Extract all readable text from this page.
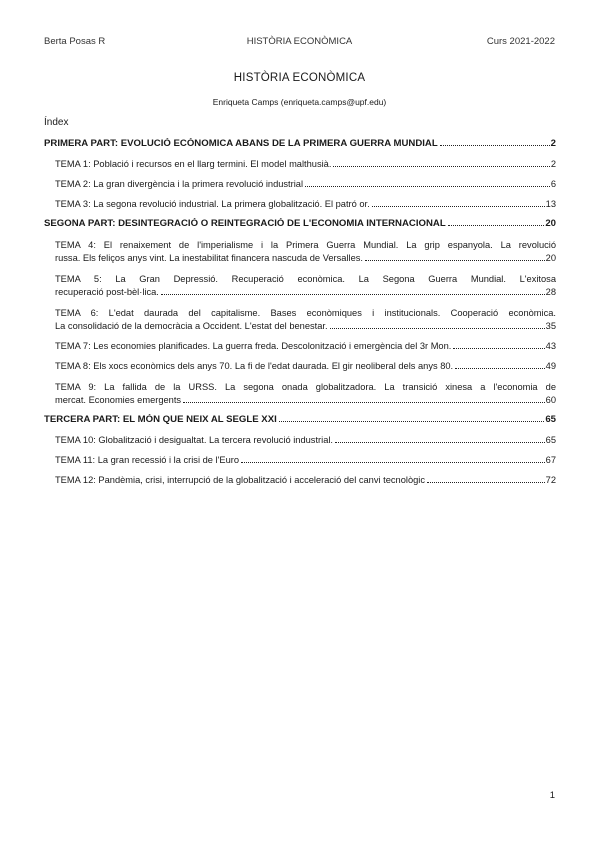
Berta Posas R	HISTÒRIA ECONÒMICA	Curs 2021-2022
HISTÒRIA ECONÒMICA
Enriqueta Camps (enriqueta.camps@upf.edu)
Índex
PRIMERA PART: EVOLUCIÓ ECÒNOMICA ABANS DE LA PRIMERA GUERRA MUNDIAL	2
TEMA 1: Població i recursos en el llarg termini. El model malthusià.	2
TEMA 2: La gran divergència i la primera revolució industrial	6
TEMA 3: La segona revolució industrial. La primera globalització. El patró or.	13
SEGONA PART: DESINTEGRACIÓ O REINTEGRACIÓ DE L'ECONOMIA INTERNACIONAL	20
TEMA 4: El renaixement de l'imperialisme i la Primera Guerra Mundial. La grip espanyola. La revolució
russa. Els feliços anys vint. La inestabilitat financera nascuda de Versalles.	20
TEMA 5: La Gran Depressió. Recuperació econòmica. La Segona Guerra Mundial. L'exitosa
recuperació post-bèl·lica.	28
TEMA 6: L'edat daurada del capitalisme. Bases econòmiques i institucionals. Cooperació econòmica.
La consolidació de la democràcia a Occident. L'estat del benestar.	35
TEMA 7: Les economies planificades. La guerra freda. Descolonització i emergència del 3r Mon.	43
TEMA 8: Els xocs econòmics dels anys 70. La fi de l'edat daurada. El gir neoliberal dels anys 80.	49
TEMA 9: La fallida de la URSS. La segona onada globalitzadora. La transició xinesa a l'economia de
mercat. Economies emergents	60
TERCERA PART: EL MÓN QUE NEIX AL SEGLE XXI	65
TEMA 10: Globalització i desigualtat. La tercera revolució industrial.	65
TEMA 11: La gran recessió i la crisi de l'Euro	67
TEMA 12: Pandèmia, crisi, interrupció de la globalització i acceleració del canvi tecnològic	72
1
